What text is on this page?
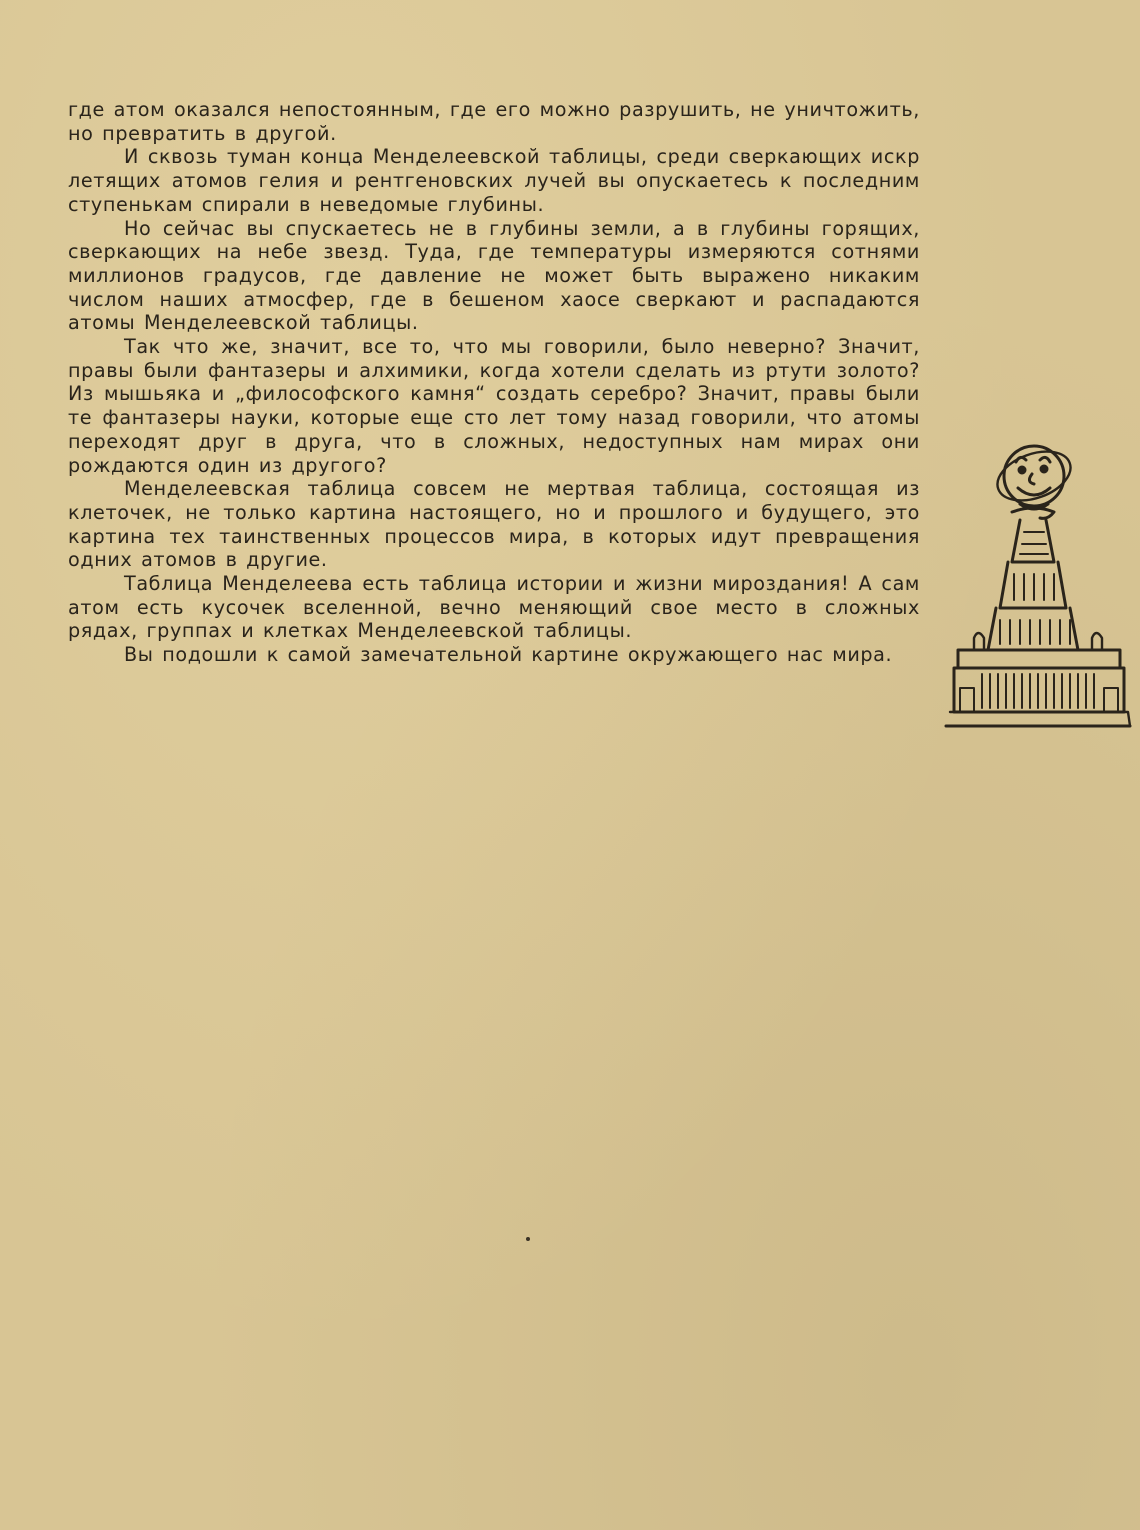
где атом оказался непостоянным, где его можно разрушить, не уничтожить, но превратить в другой.

И сквозь туман конца Менделеевской таблицы, среди сверкающих искр летящих атомов гелия и рентгеновских лучей вы опускаетесь к последним ступенькам спирали в неведомые глубины.

Но сейчас вы спускаетесь не в глубины земли, а в глубины горящих, сверкающих на небе звезд. Туда, где температуры измеряются сотнями миллионов градусов, где давление не может быть выражено никаким числом наших атмосфер, где в бешеном хаосе сверкают и распадаются атомы Менделеевской таблицы.

Так что же, значит, все то, что мы говорили, было неверно? Значит, правы были фантазеры и алхимики, когда хотели сделать из ртути золото? Из мышьяка и „философского камня“ создать серебро? Значит, правы были те фантазеры науки, которые еще сто лет тому назад говорили, что атомы переходят друг в друга, что в сложных, недоступных нам мирах они рождаются один из другого?

Менделеевская таблица совсем не мертвая таблица, состоящая из клеточек, не только картина настоящего, но и прошлого и будущего, это картина тех таинственных процессов мира, в которых идут превращения одних атомов в другие.

Таблица Менделеева есть таблица истории и жизни мироздания! А сам атом есть кусочек вселенной, вечно меняющий свое место в сложных рядах, группах и клетках Менделеевской таблицы.

Вы подошли к самой замечательной картине окружающего нас мира.
